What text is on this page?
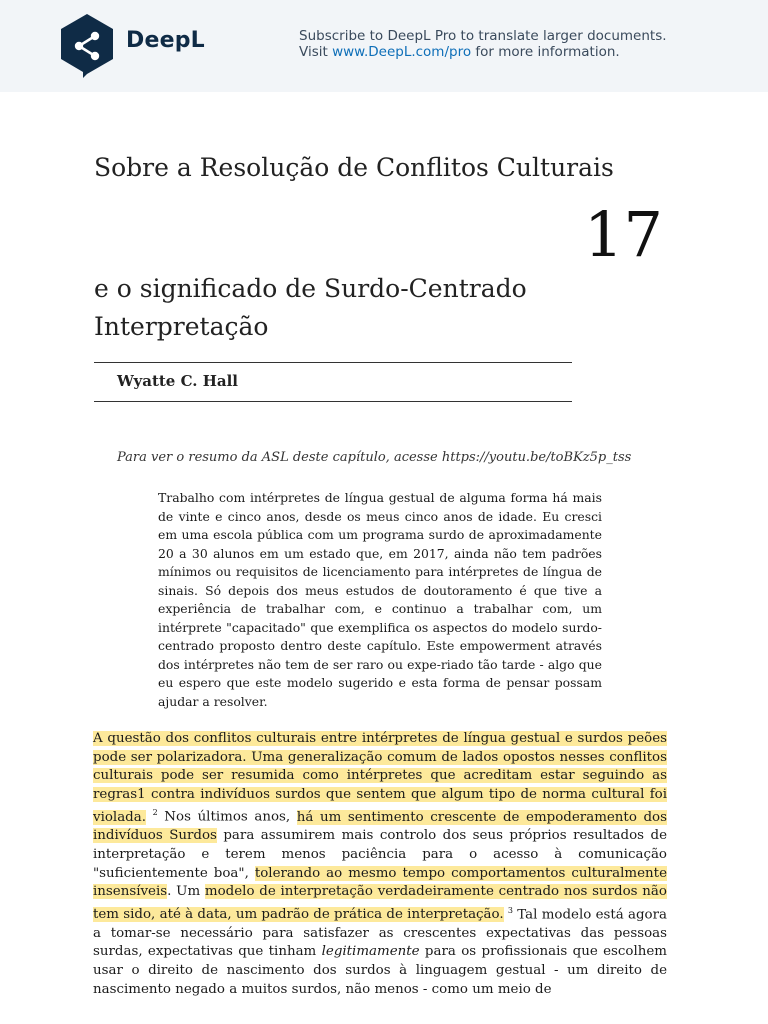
DeepL	Subscribe to DeepL Pro to translate larger documents.
Visit www.DeepL.com/pro for more information.
Sobre a Resolução de Conflitos Culturais
17
e o significado de Surdo-Centrado
Interpretação
Wyatte C. Hall
Para ver o resumo da ASL deste capítulo, acesse https://youtu.be/toBKz5p_tss
Trabalho com intérpretes de língua gestual de alguma forma há mais de vinte e cinco anos, desde os meus cinco anos de idade. Eu cresci em uma escola pública com um programa surdo de aproximadamente 20 a 30 alunos em um estado que, em 2017, ainda não tem padrões mínimos ou requisitos de licenciamento para intérpretes de língua de sinais. Só depois dos meus estudos de doutoramento é que tive a experiência de trabalhar com, e continuo a trabalhar com, um intérprete "capacitado" que exemplifica os aspectos do modelo surdo-centrado proposto dentro deste capítulo. Este empowerment através dos intérpretes não tem de ser raro ou expe-riado tão tarde - algo que eu espero que este modelo sugerido e esta forma de pensar possam ajudar a resolver.
A questão dos conflitos culturais entre intérpretes de língua gestual e surdos peões pode ser polarizadora. Uma generalização comum de lados opostos nesses conflitos culturais pode ser resumida como intérpretes que acreditam estar seguindo as regras1 contra indivíduos surdos que sentem que algum tipo de norma cultural foi violada. $^2$ Nos últimos anos, há um sentimento crescente de empoderamento dos indivíduos Surdos para assumirem mais controlo dos seus próprios resultados de interpretação e terem menos paciência para o acesso à comunicação "suficientemente boa", tolerando ao mesmo tempo comportamentos culturalmente insensíveis. Um modelo de interpretação verdadeiramente centrado nos surdos não tem sido, até à data, um padrão de prática de interpretação. $^3$ Tal modelo está agora a tomar-se necessário para satisfazer as crescentes expectativas das pessoas surdas, expectativas que tinham legitimamente para os profissionais que escolhem usar o direito de nascimento dos surdos à linguagem gestual - um direito de nascimento negado a muitos surdos, não menos - como um meio de
